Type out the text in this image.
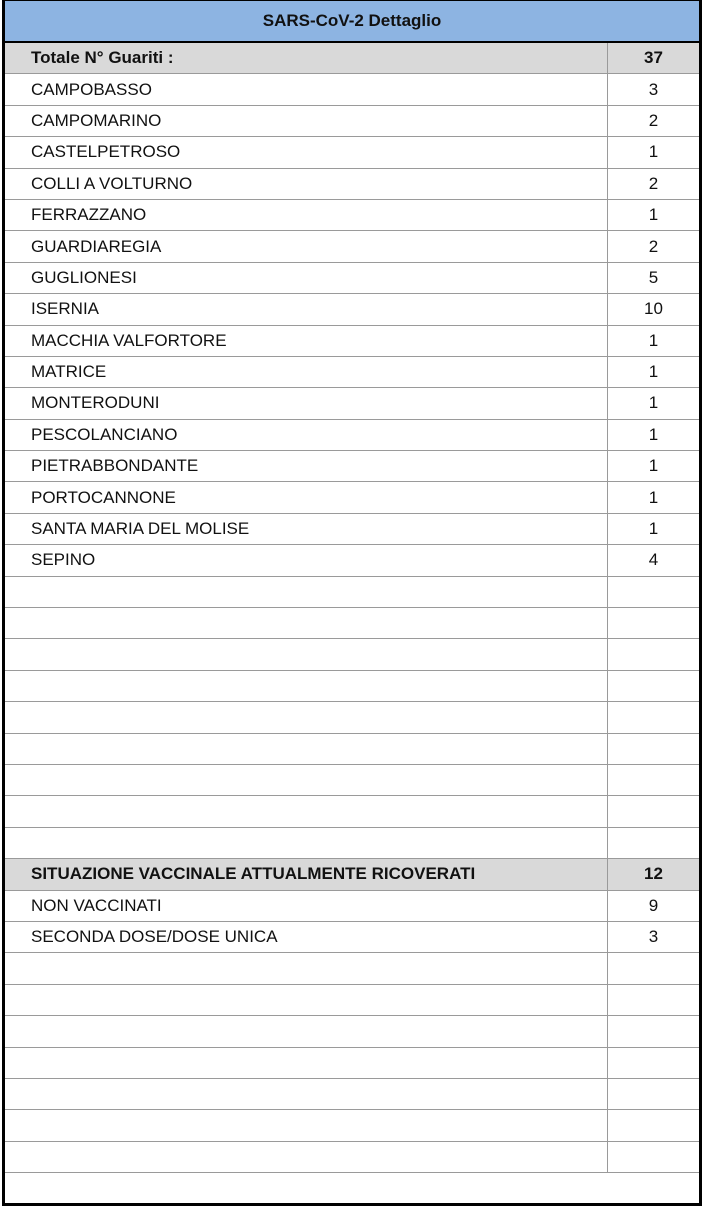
SARS-CoV-2 Dettaglio
Totale N° Guariti :	37
CAMPOBASSO	3
CAMPOMARINO	2
CASTELPETROSO	1
COLLI A VOLTURNO	2
FERRAZZANO	1
GUARDIAREGIA	2
GUGLIONESI	5
ISERNIA	10
MACCHIA VALFORTORE	1
MATRICE	1
MONTERODUNI	1
PESCOLANCIANO	1
PIETRABBONDANTE	1
PORTOCANNONE	1
SANTA MARIA DEL MOLISE	1
SEPINO	4
SITUAZIONE VACCINALE ATTUALMENTE RICOVERATI	12
NON VACCINATI	9
SECONDA DOSE/DOSE UNICA	3
